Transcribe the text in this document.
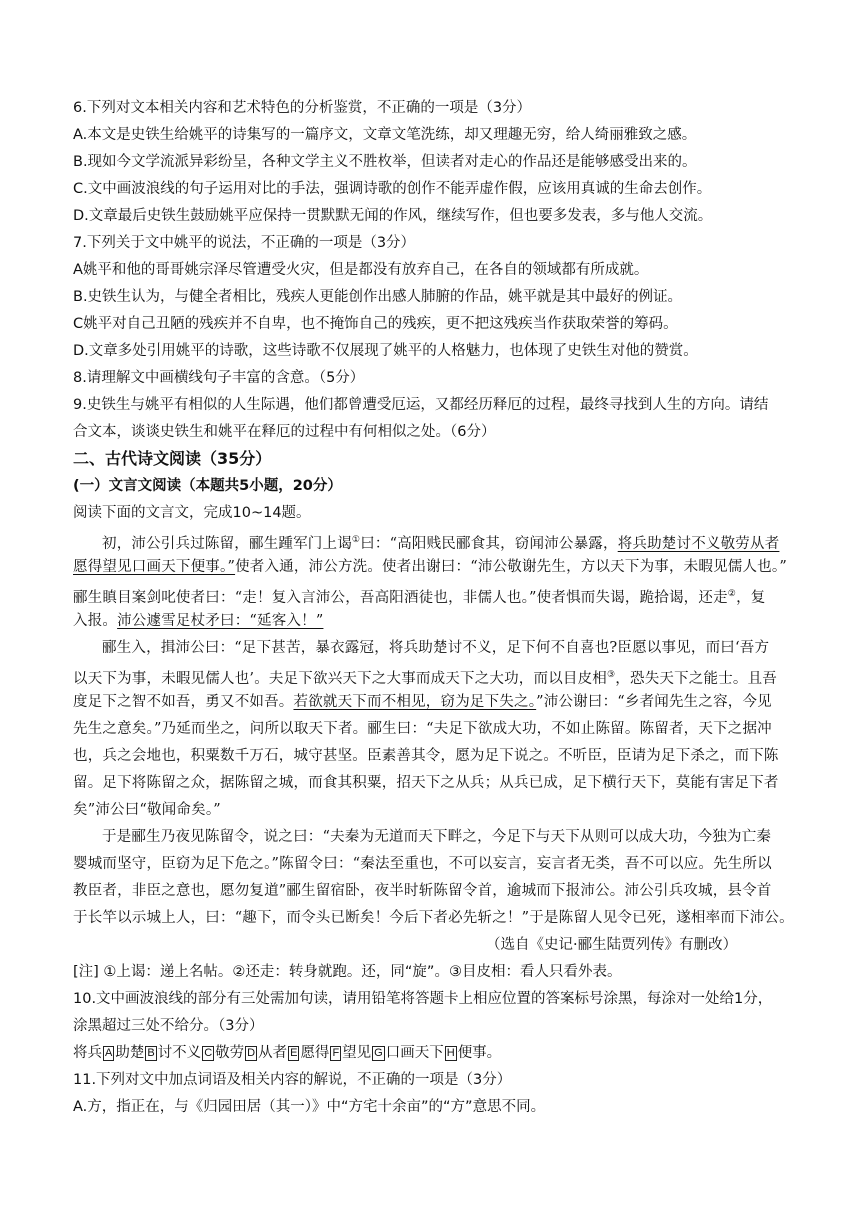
6.下列对文本相关内容和艺术特色的分析鉴赏，不正确的一项是（3分）
A.本文是史铁生给姚平的诗集写的一篇序文，文章文笔洗练，却又理趣无穷，给人绮丽雅致之感。
B.现如今文学流派异彩纷呈，各种文学主义不胜枚举，但读者对走心的作品还是能够感受出来的。
C.文中画波浪线的句子运用对比的手法，强调诗歌的创作不能弄虚作假，应该用真诚的生命去创作。
D.文章最后史铁生鼓励姚平应保持一贯默默无闻的作风，继续写作，但也要多发表，多与他人交流。
7.下列关于文中姚平的说法，不正确的一项是（3分）
A姚平和他的哥哥姚宗泽尽管遭受火灾，但是都没有放弃自己，在各自的领域都有所成就。
B.史铁生认为，与健全者相比，残疾人更能创作出感人肺腑的作品，姚平就是其中最好的例证。
C姚平对自己丑陋的残疾并不自卑，也不掩饰自己的残疾，更不把这残疾当作获取荣誉的筹码。
D.文章多处引用姚平的诗歌，这些诗歌不仅展现了姚平的人格魅力，也体现了史铁生对他的赞赏。
8.请理解文中画横线句子丰富的含意。（5分）
9.史铁生与姚平有相似的人生际遇，他们都曾遭受厄运，又都经历释厄的过程，最终寻找到人生的方向。请结
合文本，谈谈史铁生和姚平在释厄的过程中有何相似之处。（6分）
二、古代诗文阅读（35分）
(一）文言文阅读（本题共5小题，20分）
阅读下面的文言文，完成10~14题。
初，沛公引兵过陈留，郦生踵军门上谒①曰：“高阳贱民郦食其，窃闻沛公暴露，将兵助楚讨不义敬劳从者
愿得望见口画天下便事。”使者入通，沛公方洗。使者出谢曰：“沛公敬谢先生，方以天下为事，未暇见儒人也。”
郦生瞋目案剑叱使者曰：“走！复入言沛公，吾高阳酒徒也，非儒人也。”使者惧而失谒，跪拾谒，还走②，复
入报。沛公遽雪足杖矛曰：“延客入！”
郦生入，揖沛公曰：“足下甚苦，暴衣露冠，将兵助楚讨不义，足下何不自喜也?臣愿以事见，而曰‘吾方
以天下为事，未暇见儒人也’。夫足下欲兴天下之大事而成天下之大功，而以目皮相③，恐失天下之能士。且吾
度足下之智不如吾，勇又不如吾。若欲就天下而不相见，窃为足下失之。”沛公谢曰：“乡者闻先生之容，今见
先生之意矣。”乃延而坐之，问所以取天下者。郦生曰：“夫足下欲成大功，不如止陈留。陈留者，天下之据冲
也，兵之会地也，积粟数千万石，城守甚坚。臣素善其令，愿为足下说之。不听臣，臣请为足下杀之，而下陈
留。足下将陈留之众，据陈留之城，而食其积粟，招天下之从兵；从兵已成，足下横行天下，莫能有害足下者
矣”沛公曰“敬闻命矣。”
于是郦生乃夜见陈留令，说之曰：“夫秦为无道而天下畔之，今足下与天下从则可以成大功，今独为亡秦
婴城而坚守，臣窃为足下危之。”陈留令曰：“秦法至重也，不可以妄言，妄言者无类，吾不可以应。先生所以
教臣者，非臣之意也，愿勿复道”郦生留宿卧，夜半时斩陈留令首，逾城而下报沛公。沛公引兵攻城，县令首
于长竿以示城上人，曰：“趣下，而令头已断矣！今后下者必先斩之！”于是陈留人见令已死，遂相率而下沛公。
（选自《史记·郦生陆贾列传》有删改）
[注] ①上谒：递上名帖。②还走：转身就跑。还，同“旋”。③目皮相：看人只看外表。
10.文中画波浪线的部分有三处需加句读，请用铅笔将答题卡上相应位置的答案标号涂黑，每涂对一处给1分，
涂黑超过三处不给分。（3分）
将兵 A 助楚 B 讨不义 C 敬劳 D 从者 E 愿得 F 望见 G 口画天下 H 便事。
11.下列对文中加点词语及相关内容的解说，不正确的一项是（3分）
A.方，指正在，与《归园田居（其一）》中“方宅十余亩”的“方”意思不同。
